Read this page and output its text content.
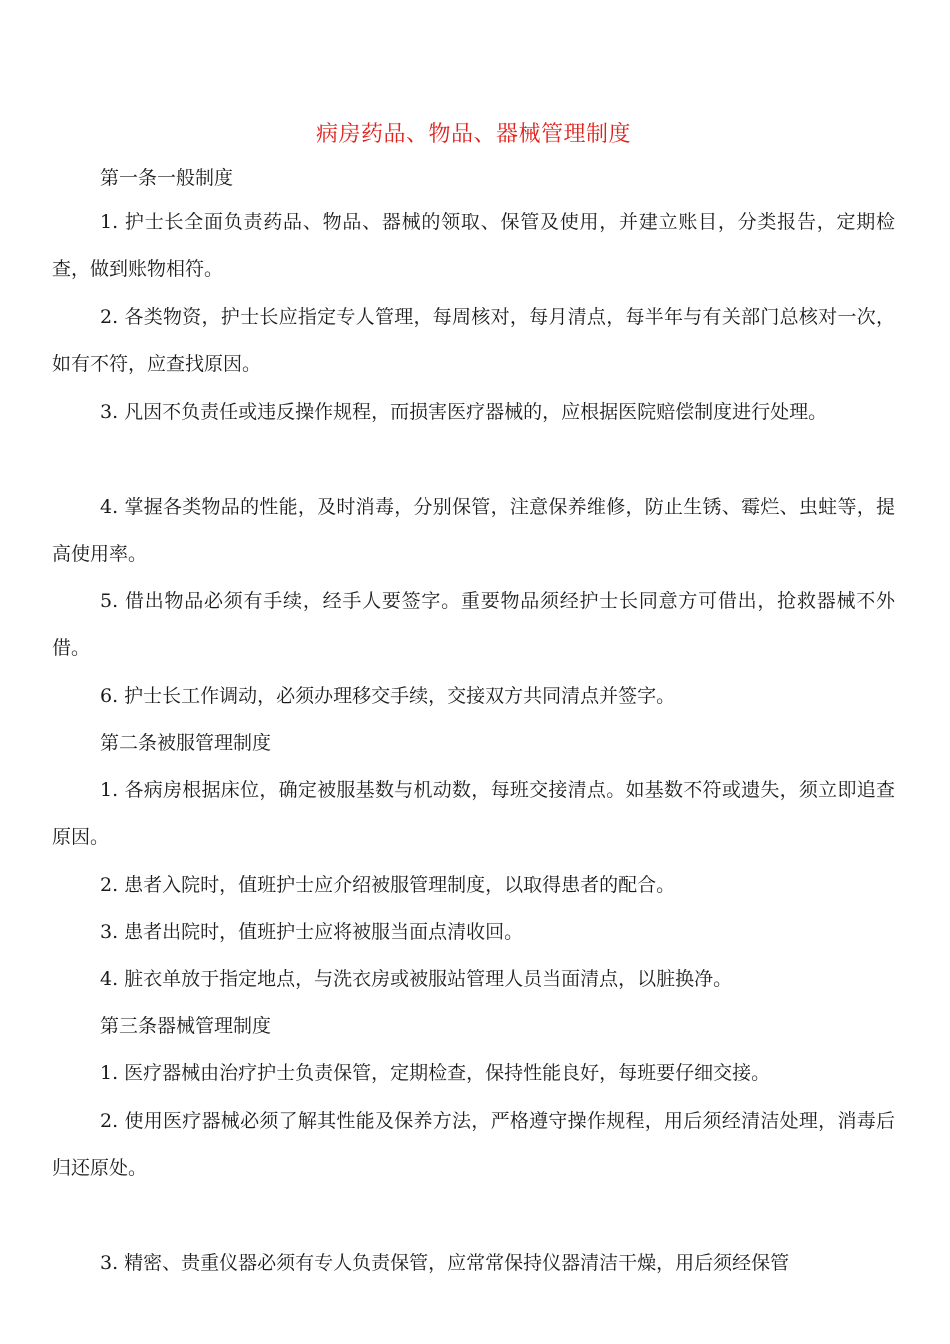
病房药品、物品、器械管理制度
第一条一般制度
1. 护士长全面负责药品、物品、器械的领取、保管及使用，并建立账目，分类报告，定期检查，做到账物相符。
2. 各类物资，护士长应指定专人管理，每周核对，每月清点，每半年与有关部门总核对一次，如有不符，应查找原因。
3. 凡因不负责任或违反操作规程，而损害医疗器械的，应根据医院赔偿制度进行处理。
4. 掌握各类物品的性能，及时消毒，分别保管，注意保养维修，防止生锈、霉烂、虫蛀等，提高使用率。
5. 借出物品必须有手续，经手人要签字。重要物品须经护士长同意方可借出，抢救器械不外借。
6. 护士长工作调动，必须办理移交手续，交接双方共同清点并签字。
第二条被服管理制度
1. 各病房根据床位，确定被服基数与机动数，每班交接清点。如基数不符或遗失，须立即追查原因。
2. 患者入院时，值班护士应介绍被服管理制度，以取得患者的配合。
3. 患者出院时，值班护士应将被服当面点清收回。
4. 脏衣单放于指定地点，与洗衣房或被服站管理人员当面清点，以脏换净。
第三条器械管理制度
1. 医疗器械由治疗护士负责保管，定期检查，保持性能良好，每班要仔细交接。
2. 使用医疗器械必须了解其性能及保养方法，严格遵守操作规程，用后须经清洁处理，消毒后归还原处。
3. 精密、贵重仪器必须有专人负责保管，应常常保持仪器清洁干燥，用后须经保管
